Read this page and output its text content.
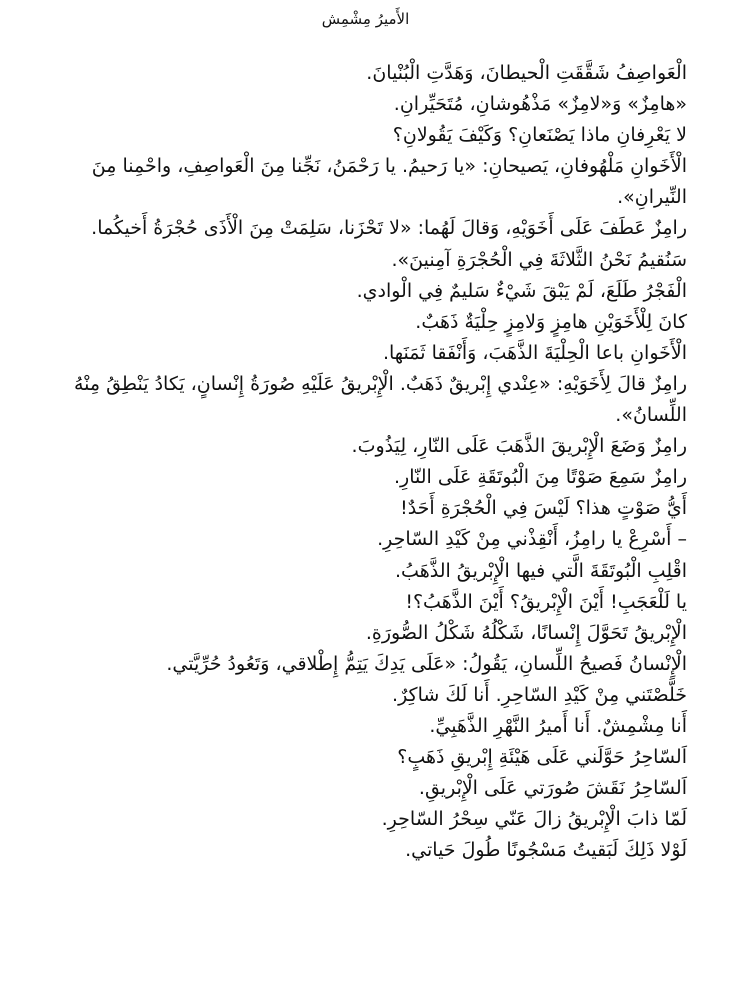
الأَميرُ مِشْمِش
الْعَواصِفُ شَقَّقَتِ الْحيطانَ، وَهَدَّتِ الْبُنْيانَ.
«هامِزٌ» وَ«لامِزٌ» مَذْهُوشانِ، مُتَحَيِّرانِ.
لا يَعْرِفانِ ماذا يَصْنَعانِ؟ وَكَيْفَ يَقُولانِ؟
الْأَخَوانِ مَلْهُوفانِ، يَصيحانِ: «يا رَحيمُ. يا رَحْمَنُ، نَجِّنا مِنَ الْعَواصِفِ، واحْمِنا مِنَ
النِّيرانِ».
رامِزٌ عَطَفَ عَلَى أَخَوَيْهِ، وَقالَ لَهُما: «لا تَحْزَنا، سَلِمَتْ مِنَ الْأَذَى حُجْرَةُ أَخيكُما.
سَنُقيمُ نَحْنُ الثَّلاثَةَ فِي الْحُجْرَةِ آمِنينَ».
الْفَجْرُ طَلَعَ، لَمْ يَبْقَ شَيْءٌ سَليمٌ فِي الْوادي.
كانَ لِلْأَخَوَيْنِ هامِزٍ وَلامِزٍ حِلْيَةٌ ذَهَبٌ.
الْأَخَوانِ باعا الْحِلْيَةَ الذَّهَبَ، وَأَنْفَقا ثَمَنَها.
رامِزٌ قالَ لِأَخَوَيْهِ: «عِنْدي إِبْريقٌ ذَهَبٌ. الْإِبْريقُ عَلَيْهِ صُورَةُ إِنْسانٍ، يَكادُ يَنْطِقُ مِنْهُ
اللِّسانُ».
رامِزٌ وَضَعَ الْإِبْريقَ الذَّهَبَ عَلَى النّارِ، لِيَذُوبَ.
رامِزٌ سَمِعَ صَوْتًا مِنَ الْبُوتَقَةِ عَلَى النّارِ.
أَيُّ صَوْتٍ هذا؟ لَيْسَ فِي الْحُجْرَةِ أَحَدٌ!
– أَسْرِعْ يا رامِزُ، أَنْقِذْني مِنْ كَيْدِ السّاحِرِ.
اقْلِبِ الْبُوتَقَةَ الَّتي فيها الْإِبْريقُ الذَّهَبُ.
يا لَلْعَجَبِ! أَيْنَ الْإِبْريقُ؟ أَيْنَ الذَّهَبُ؟!
الْإِبْريقُ تَحَوَّلَ إِنْسانًا، شَكْلُهُ شَكْلُ الصُّورَةِ.
الْإِنْسانُ فَصيحُ اللِّسانِ، يَقُولُ: «عَلَى يَدِكَ يَتِمُّ إِطْلاقي، وَتَعُودُ حُرِّيَّتي.
خَلَّصْتَني مِنْ كَيْدِ السّاحِرِ. أَنا لَكَ شاكِرٌ.
أَنا مِشْمِشٌ. أَنا أَميرُ النَّهْرِ الذَّهَبِيِّ.
اَلسّاحِرُ حَوَّلَني عَلَى هَيْئَةِ إِبْريقِ ذَهَبٍ؟
اَلسّاحِرُ نَقَشَ صُورَتي عَلَى الْإِبْريقِ.
لَمّا ذابَ الْإِبْريقُ زالَ عَنّي سِحْرُ السّاحِرِ.
لَوْلا ذَلِكَ لَبَقيتُ مَسْجُونًا طُولَ حَياتي.
